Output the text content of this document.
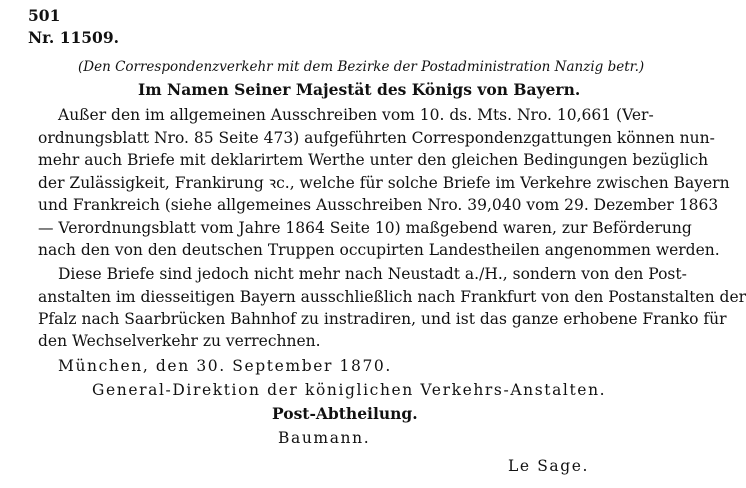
501
Nr. 11509.
(Den Correspondenzverkehr mit dem Bezirke der Postadministration Nanzig betr.)
Im Namen Seiner Majestät des Königs von Bayern.
Außer den im allgemeinen Ausschreiben vom 10. ds. Mts. Nro. 10,661 (Ver-
ordnungsblatt Nro. 85 Seite 473) aufgeführten Correspondenzgattungen können nun-
mehr auch Briefe mit deklarirtem Werthe unter den gleichen Bedingungen bezüglich
der Zulässigkeit, Frankirung ꝛc., welche für solche Briefe im Verkehre zwischen Bayern
und Frankreich (siehe allgemeines Ausschreiben Nro. 39,040 vom 29. Dezember 1863
— Verordnungsblatt vom Jahre 1864 Seite 10) maßgebend waren, zur Beförderung
nach den von den deutschen Truppen occupirten Landestheilen angenommen werden.
Diese Briefe sind jedoch nicht mehr nach Neustadt a./H., sondern von den Post-
anstalten im diesseitigen Bayern ausschließlich nach Frankfurt von den Postanstalten der
Pfalz nach Saarbrücken Bahnhof zu instradiren, und ist das ganze erhobene Franko für
den Wechselverkehr zu verrechnen.
München, den 30. September 1870.
General-Direktion der königlichen Verkehrs-Anstalten.
Post-Abtheilung.
Baumann.
Le Sage.
